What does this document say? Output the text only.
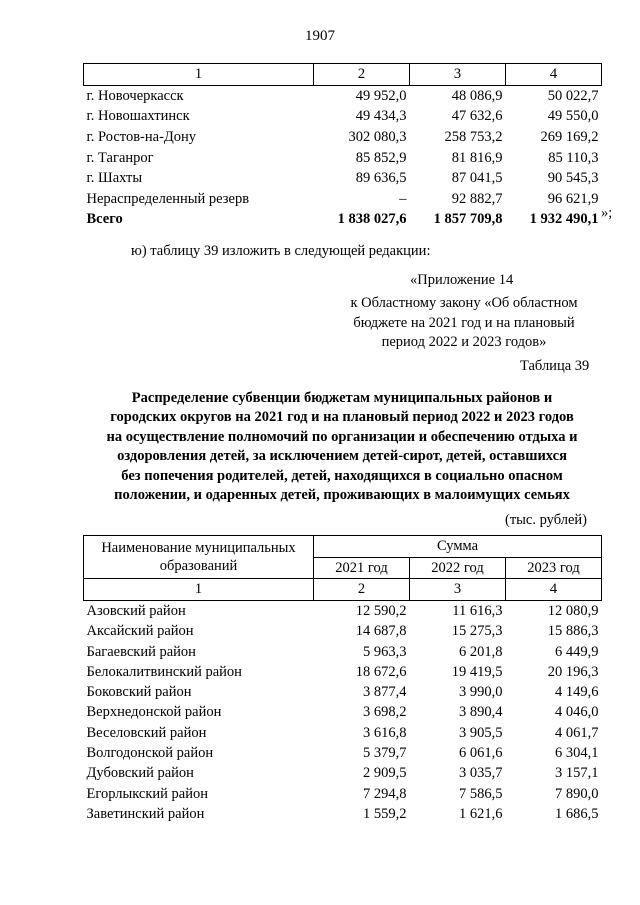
1907
1	2	3	4
г. Новочеркасск	49 952,0	48 086,9	50 022,7
г. Новошахтинск	49 434,3	47 632,6	49 550,0
г. Ростов-на-Дону	302 080,3	258 753,2	269 169,2
г. Таганрог	85 852,9	81 816,9	85 110,3
г. Шахты	89 636,5	87 041,5	90 545,3
Нераспределенный резерв	–	92 882,7	96 621,9
Всего	1 838 027,6	1 857 709,8	1 932 490,1 »;
ю) таблицу 39 изложить в следующей редакции:
«Приложение 14
к Областному закону «Об областном
бюджете на 2021 год и на плановый
период 2022 и 2023 годов»
Таблица 39
Распределение субвенции бюджетам муниципальных районов и
городских округов на 2021 год и на плановый период 2022 и 2023 годов
на осуществление полномочий по организации и обеспечению отдыха и
оздоровления детей, за исключением детей-сирот, детей, оставшихся
без попечения родителей, детей, находящихся в социально опасном
положении, и одаренных детей, проживающих в малоимущих семьях
(тыс. рублей)
Наименование муниципальных
образований	Сумма		
	2021 год	2022 год	2023 год
1	2	3	4
Азовский район	12 590,2	11 616,3	12 080,9
Аксайский район	14 687,8	15 275,3	15 886,3
Багаевский район	5 963,3	6 201,8	6 449,9
Белокалитвинский район	18 672,6	19 419,5	20 196,3
Боковский район	3 877,4	3 990,0	4 149,6
Верхнедонской район	3 698,2	3 890,4	4 046,0
Веселовский район	3 616,8	3 905,5	4 061,7
Волгодонской район	5 379,7	6 061,6	6 304,1
Дубовский район	2 909,5	3 035,7	3 157,1
Егорлыкский район	7 294,8	7 586,5	7 890,0
Заветинский район	1 559,2	1 621,6	1 686,5
